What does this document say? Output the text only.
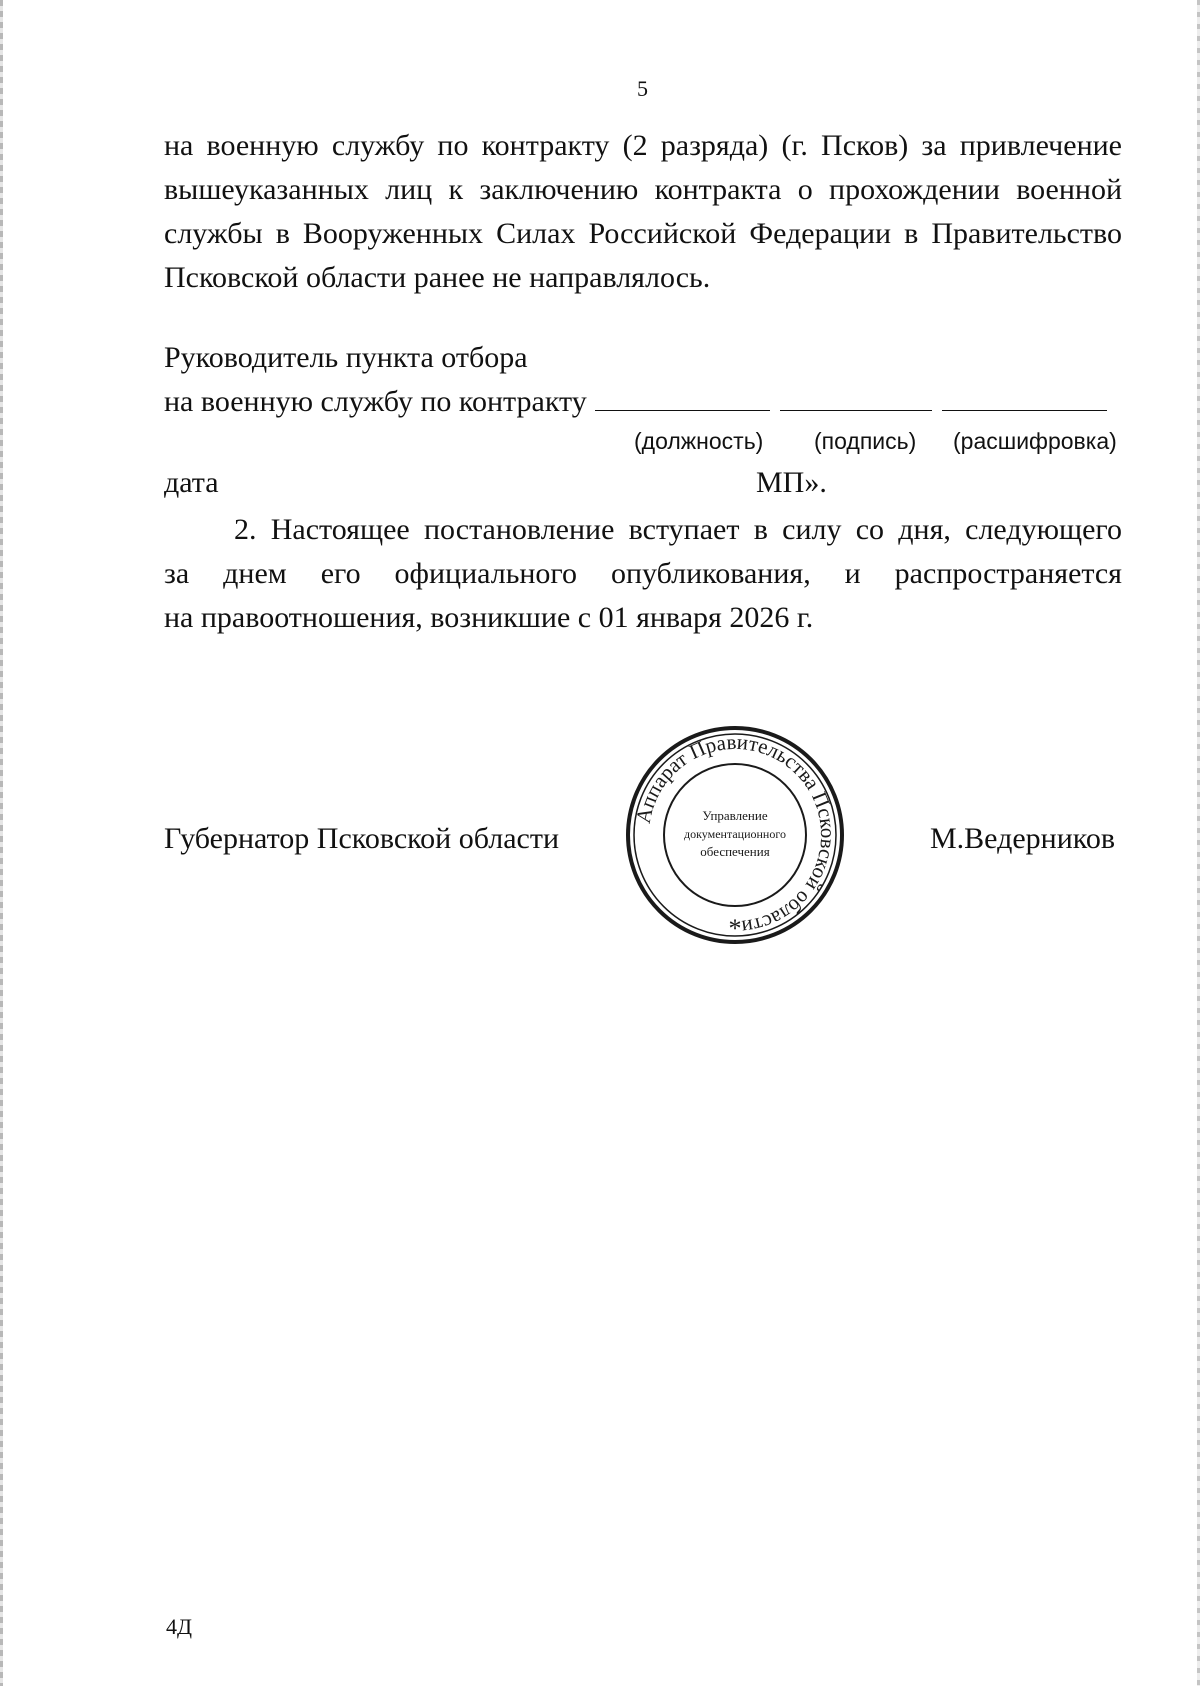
5

на военную службу по контракту (2 разряда) (г. Псков) за привлечение
вышеуказанных лиц к заключению контракта о прохождении военной
службы в Вооруженных Силах Российской Федерации в Правительство
Псковской области ранее не направлялось.

Руководитель пункта отбора
на военную службу по контракту
(должность) (подпись) (расшифровка)
дата	МП».

2. Настоящее постановление вступает в силу со дня, следующего
за днем его официального опубликования, и распространяется
на правоотношения, возникшие с 01 января 2026 г.

Губернатор Псковской области
Аппарат Правительства Псковской области
Управление
документационного
обеспечения
*
М.Ведерников
4Д
